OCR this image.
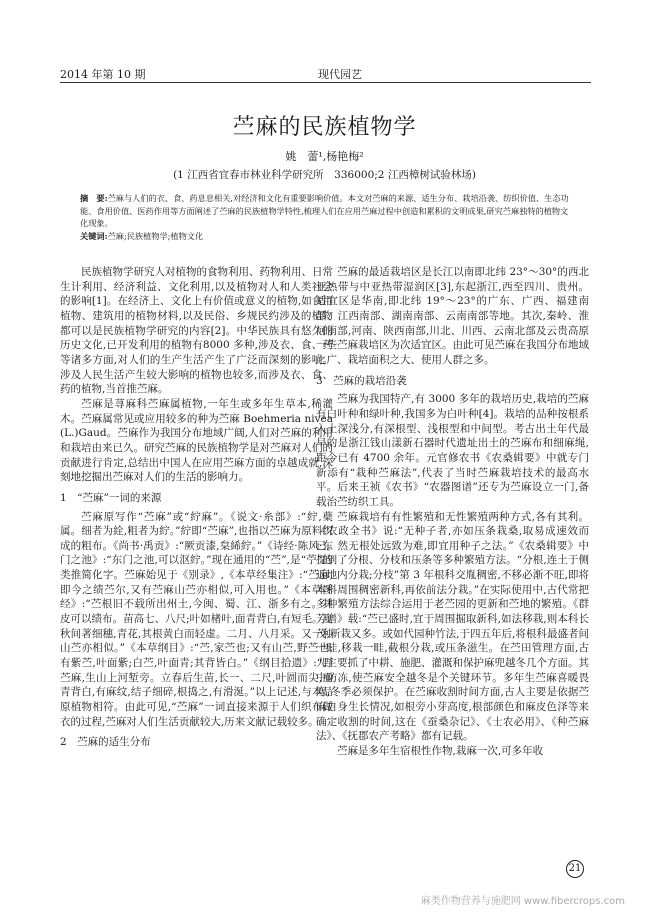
2014 年第 10 期	现代园艺
苎麻的民族植物学
姚　蕾¹,杨艳梅²
(1 江西省宜春市林业科学研究所　336000;2 江西樟树试验林场)

摘　要:苎麻与人们的衣、食、药息息相关,对经济和文化有重要影响价值。本文对苎麻的来源、适生分布、栽培沿袭、纺织价值、生态功能、食用价值、医药作用等方面阐述了苎麻的民族植物学特性,梳理人们在应用苎麻过程中创造和累积的文明成果,研究苎麻独特的植物文化现象。

关键词:苎麻;民族植物学;植物文化

民族植物学研究人对植物的食物利用、药物利用、日常生计利用、经济利益、文化利用,以及植物对人和人类社会的影响[1]。在经济上、文化上有价值或意义的植物,如食用植物、建筑用的植物材料,以及民俗、乡规民约涉及的植物都可以是民族植物学研究的内容[2]。中华民族具有悠久的历史文化,已开发利用的植物有8000 多种,涉及衣、食、药等诸多方面,对人们的生产生活产生了广泛而深刻的影响。涉及人民生活产生较大影响的植物也较多,而涉及衣、食、药的植物,当首推苎麻。

苎麻是荨麻科苎麻属植物,一年生或多年生草本,稀灌木。苎麻属常见或应用较多的种为苎麻 Boehmeria nivea (L.)Gaud。苎麻作为我国分布地域广阔,人们对苎麻的利用和栽培由来已久。研究苎麻的民族植物学是对苎麻对人们的贡献进行肯定,总结出中国人在应用苎麻方面的卓越成就,深刻地挖掘出苎麻对人们的生活的影响力。

1　“苎麻”一词的来源

苎麻原写作“苎麻”或“紵麻”。《说文·糸部》:“紵,蘗属。细者为絟,粗者为紵。”紵即“苎麻”,也指以苎麻为原料织成的粗布。《尚书·禹贡》:“厥贡漆,枲絺紵。”《诗经·陈风·东门之池》:“东门之池,可以沤紵。”现在通用的“苎”,是“苧”的类推简化字。苎麻始见于《别录》,《本草经集注》:“苎麻,即今之绩苎尔,又有苎麻山苎亦相似,可入用也。”《本草图经》:“苎根旧不载所出州土,今闽、蜀、江、浙多有之。其皮可以绩布。苗高七、八尺;叶如楮叶,面青背白,有短毛。夏秋间著细穗,青花,其根黄白而轻虚。二月、八月采。又一种山苎亦相似。”《本草纲目》:“苎,家苎也;又有山苎,野苎也;有紫苎,叶面紫;白苎,叶面青;其背皆白。”《纲目拾遗》:“野苎麻,生山上河堑旁。立春后生苗,长一、二尺,叶圆而尖,面青背白,有麻纹,结子细碎,根捣之,有滑涎。”以上记述,与本品原植物相符。由此可见,“苎麻”一词直接来源于人们织布做衣的过程,苎麻对人们生活贡献较大,历来文献记载较多。

2　苎麻的适生分布

苎麻的最适栽培区是长江以南即北纬 23°～30°的西北亚热带与中亚热带湿润区[3],东起浙江,西至四川、贵州。适宜区是华南,即北纬 19°～23°的广东、广西、福建南部、江西南部、湖南南部、云南南部等地。其次,秦岭、淮河南部,河南、陕西南部,川北、川西、云南北部及云贵高原一些苎麻栽培区为次适宜区。由此可见苎麻在我国分布地域之广、栽培面积之大、使用人群之多。

3　苎麻的栽培沿袭

苎麻为我国特产,有 3000 多年的栽培历史,栽培的苎麻有白叶种和绿叶种,我国多为白叶种[4]。栽培的品种按根系入土深浅分,有深根型、浅根型和中间型。考古出土年代最早的是浙江钱山漾新石器时代遗址出土的苎麻布和细麻绳,距今已有 4700 余年。元官修农书《农桑辑要》中就专门新添有“栽种苎麻法”,代表了当时苎麻栽培技术的最高水平。后来王祯《农书》“农器图谱”还专为苎麻设立一门,备载治苎纺织工具。

苎麻栽培有有性繁殖和无性繁殖两种方式,各有其利。《农政全书》说:“无种子者,亦如压条栽桑,取易成速效而已。然无根处远致为难,即宜用种子之法。”《农桑辑要》中提到了分根、分枝和压条等多种繁殖方法。“分根,连土于侧近地内分栽;分枝”第 3 年根科交胤稠密,不移必渐不旺,即将本科周围稠密新科,再依前法分栽。”在实际使用中,古代常把多种繁殖方法综合运用于老苎园的更新和苎地的繁殖。《群芳谱》载:“苎已盛时,宜于周围掘取新科,如法移栽,则本科长茂,新栽又多。或如代园种竹法,于四五年后,将根科最盛者间一畦,移栽一畦,截根分栽,或压条滋生。在苎田管理方面,古人主要抓了中耕、施肥、灌溉和保护麻兜越冬几个方面。其中防冻,使苎麻安全越冬是个关键环节。多年生苎麻喜暖畏寒,冬季必须保护。在苎麻收割时间方面,古人主要是依据苎麻自身生长情况,如根旁小芽高度,根部颜色和麻皮色泽等来确定收割的时间,这在《蚕桑杂记》、《士农必用》、《种苎麻法》、《抚郡农产考略》都有记载。

苎麻是多年生宿根性作物,栽麻一次,可多年收

21
麻类作物营养与施肥网 www.fibercrops.com
